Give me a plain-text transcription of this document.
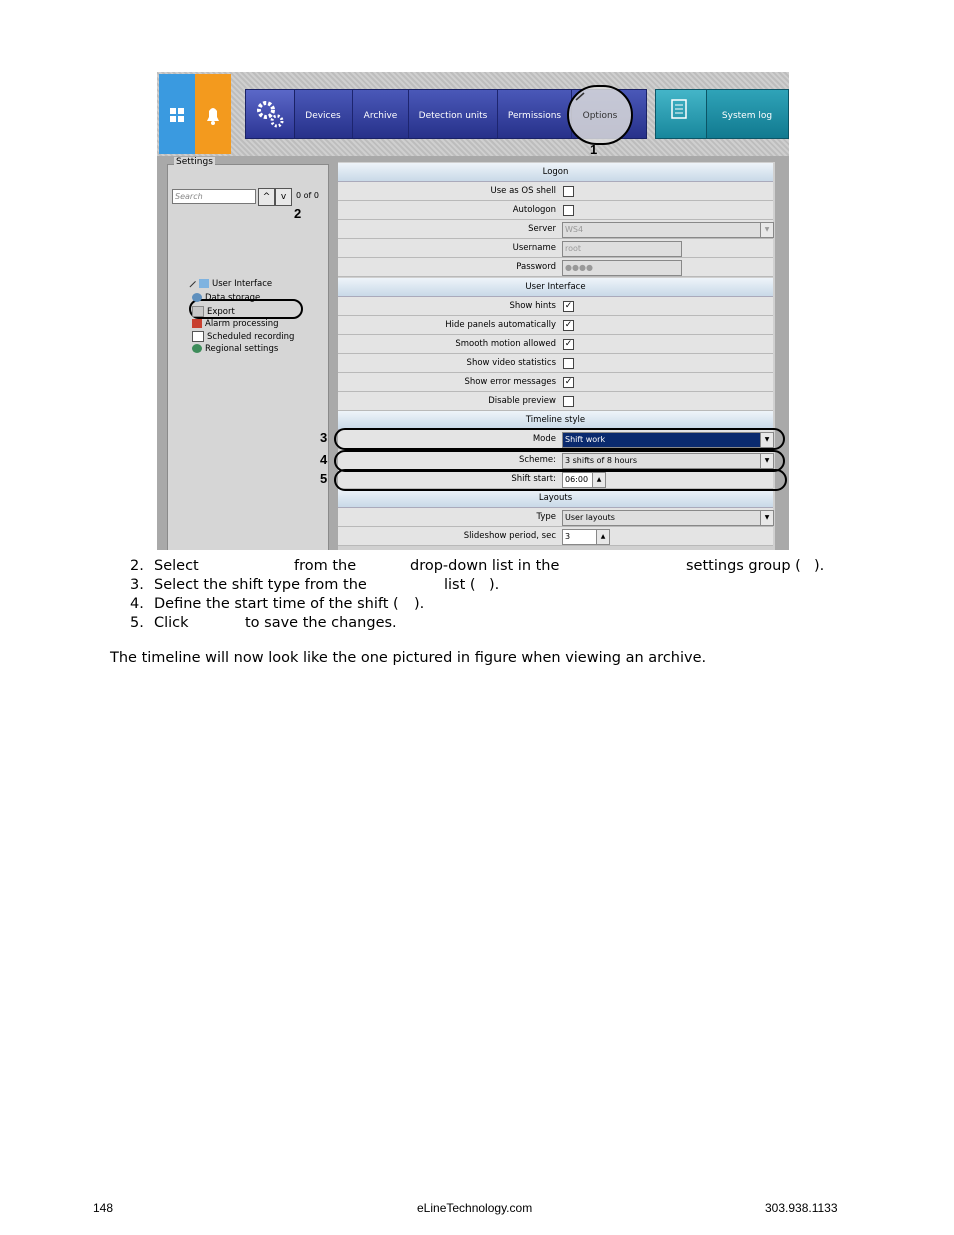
Devices	Archive	Detection units	Permissions	Options	System log
1
Settings
Search	^	v	0 of 0
User Interface
Data storage
Export
Alarm processing
Scheduled recording
Regional settings
2
Logon
Use as OS shell
Autologon
Server	WS4	▼
Username	root
Password	●●●●
User Interface
Show hints ✓
Hide panels automatically ✓
Smooth motion allowed ✓
Show video statistics
Show error messages ✓
Disable preview
Timeline style
Mode	Shift work	▼
Scheme:	3 shifts of 8 hours	▼
Shift start:	06:00	▲
Layouts
Type	User layouts	▼
Slideshow period, sec	3	▲
3
4
5
2. Select	from the	drop-down list in the	settings group ( ).
3. Select the shift type from the	list ( ).
4. Define the start time of the shift ( ).
5. Click	to save the changes.
The timeline will now look like the one pictured in figure when viewing an archive.
148	eLineTechnology.com	303.938.1133
